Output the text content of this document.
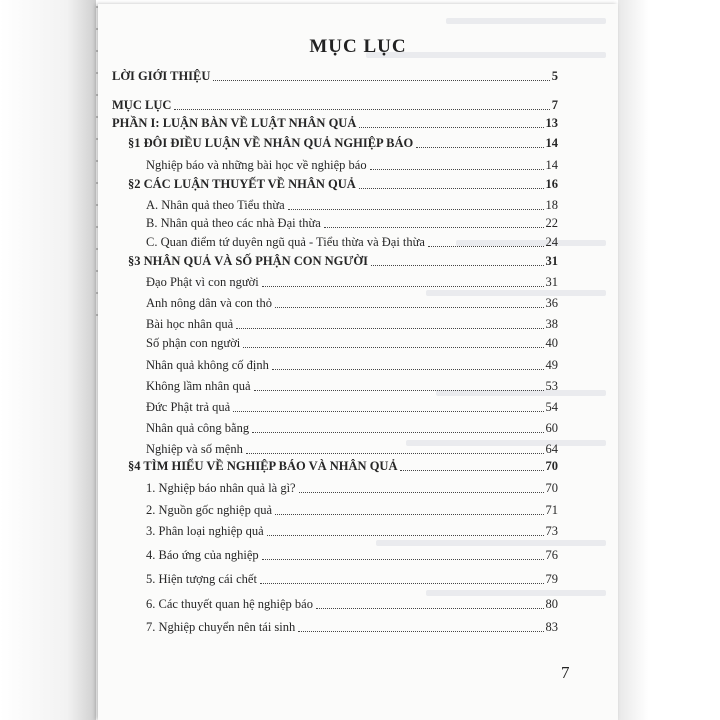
MỤC LỤC
LỜI GIỚI THIỆU	5
MỤC LỤC	7
PHẦN I: LUẬN BÀN VỀ LUẬT NHÂN QUẢ	13
§1 ĐÔI ĐIỀU LUẬN VỀ NHÂN QUẢ NGHIỆP BÁO	14
Nghiệp báo và những bài học về nghiệp báo	14
§2 CÁC LUẬN THUYẾT VỀ NHÂN QUẢ	16
A. Nhân quả theo Tiểu thừa	18
B. Nhân quả theo các nhà Đại thừa	22
C. Quan điểm tứ duyên ngũ quả - Tiểu thừa và Đại thừa	24
§3 NHÂN QUẢ VÀ SỐ PHẬN CON NGƯỜI	31
Đạo Phật vì con người	31
Anh nông dân và con thỏ	36
Bài học nhân quả	38
Số phận con người	40
Nhân quả không cố định	49
Không lầm nhân quả	53
Đức Phật trả quả	54
Nhân quả công bằng	60
Nghiệp và số mệnh	64
§4 TÌM HIỂU VỀ NGHIỆP BÁO VÀ NHÂN QUẢ	70
1. Nghiệp báo nhân quả là gì?	70
2. Nguồn gốc nghiệp quả	71
3. Phân loại nghiệp quả	73
4. Báo ứng của nghiệp	76
5. Hiện tượng cái chết	79
6. Các thuyết quan hệ nghiệp báo	80
7. Nghiệp chuyển nên tái sinh	83
7
